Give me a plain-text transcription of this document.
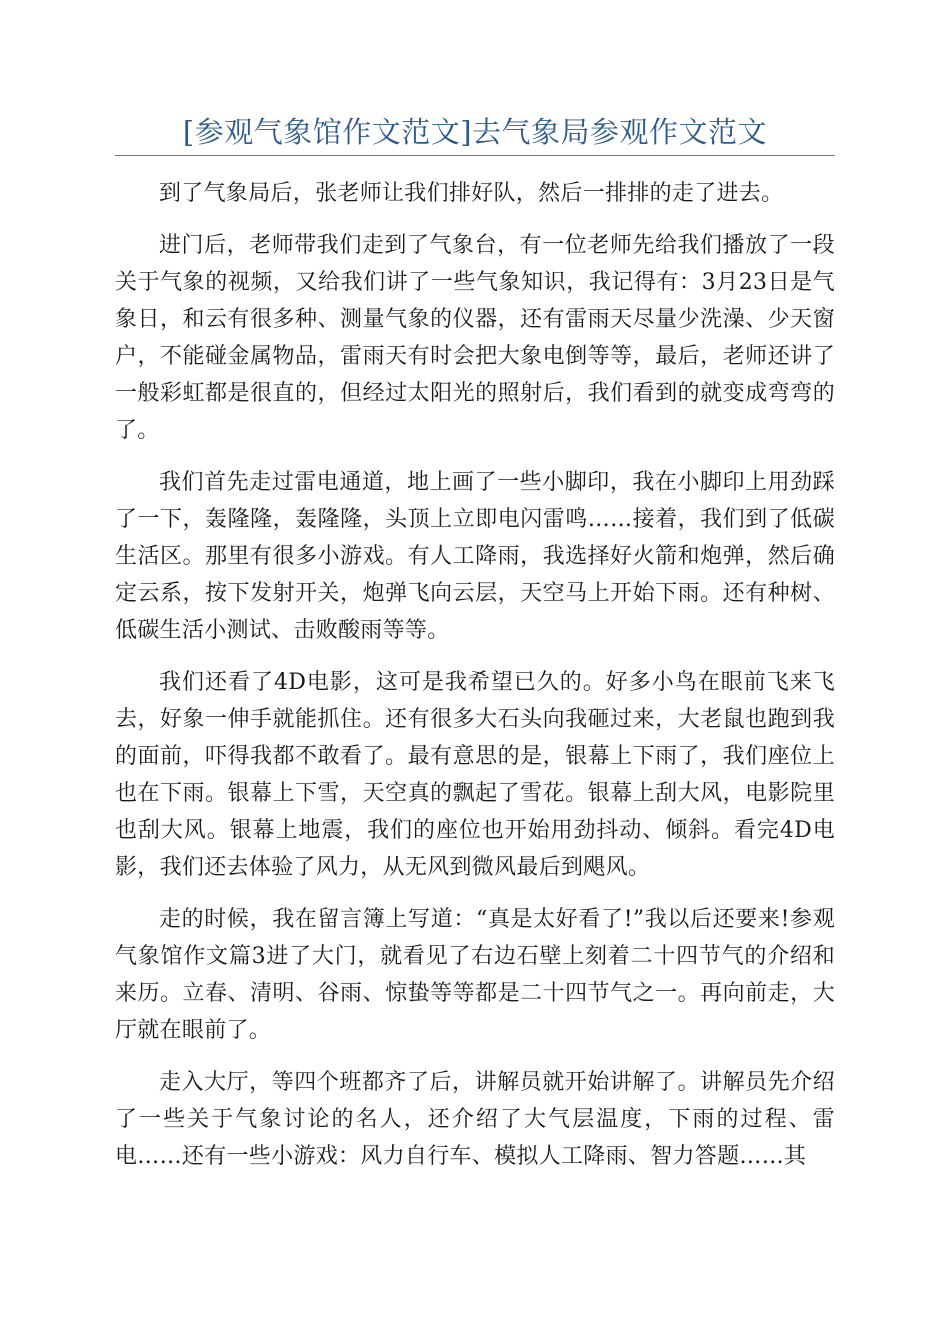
[参观气象馆作文范文]去气象局参观作文范文

到了气象局后，张老师让我们排好队，然后一排排的走了进去。

进门后，老师带我们走到了气象台，有一位老师先给我们播放了一段关于气象的视频，又给我们讲了一些气象知识，我记得有：3月23日是气象日，和云有很多种、测量气象的仪器，还有雷雨天尽量少洗澡、少天窗户，不能碰金属物品，雷雨天有时会把大象电倒等等，最后，老师还讲了一般彩虹都是很直的，但经过太阳光的照射后，我们看到的就变成弯弯的了。

我们首先走过雷电通道，地上画了一些小脚印，我在小脚印上用劲踩了一下，轰隆隆，轰隆隆，头顶上立即电闪雷鸣……接着，我们到了低碳生活区。那里有很多小游戏。有人工降雨，我选择好火箭和炮弹，然后确定云系，按下发射开关，炮弹飞向云层，天空马上开始下雨。还有种树、低碳生活小测试、击败酸雨等等。

我们还看了4D电影，这可是我希望已久的。好多小鸟在眼前飞来飞去，好象一伸手就能抓住。还有很多大石头向我砸过来，大老鼠也跑到我的面前，吓得我都不敢看了。最有意思的是，银幕上下雨了，我们座位上也在下雨。银幕上下雪，天空真的飘起了雪花。银幕上刮大风，电影院里也刮大风。银幕上地震，我们的座位也开始用劲抖动、倾斜。看完4D电影，我们还去体验了风力，从无风到微风最后到飓风。

走的时候，我在留言簿上写道：“真是太好看了!”我以后还要来!参观气象馆作文篇3进了大门，就看见了右边石壁上刻着二十四节气的介绍和来历。立春、清明、谷雨、惊蛰等等都是二十四节气之一。再向前走，大厅就在眼前了。

走入大厅，等四个班都齐了后，讲解员就开始讲解了。讲解员先介绍了一些关于气象讨论的名人，还介绍了大气层温度，下雨的过程、雷电……还有一些小游戏：风力自行车、模拟人工降雨、智力答题……其
